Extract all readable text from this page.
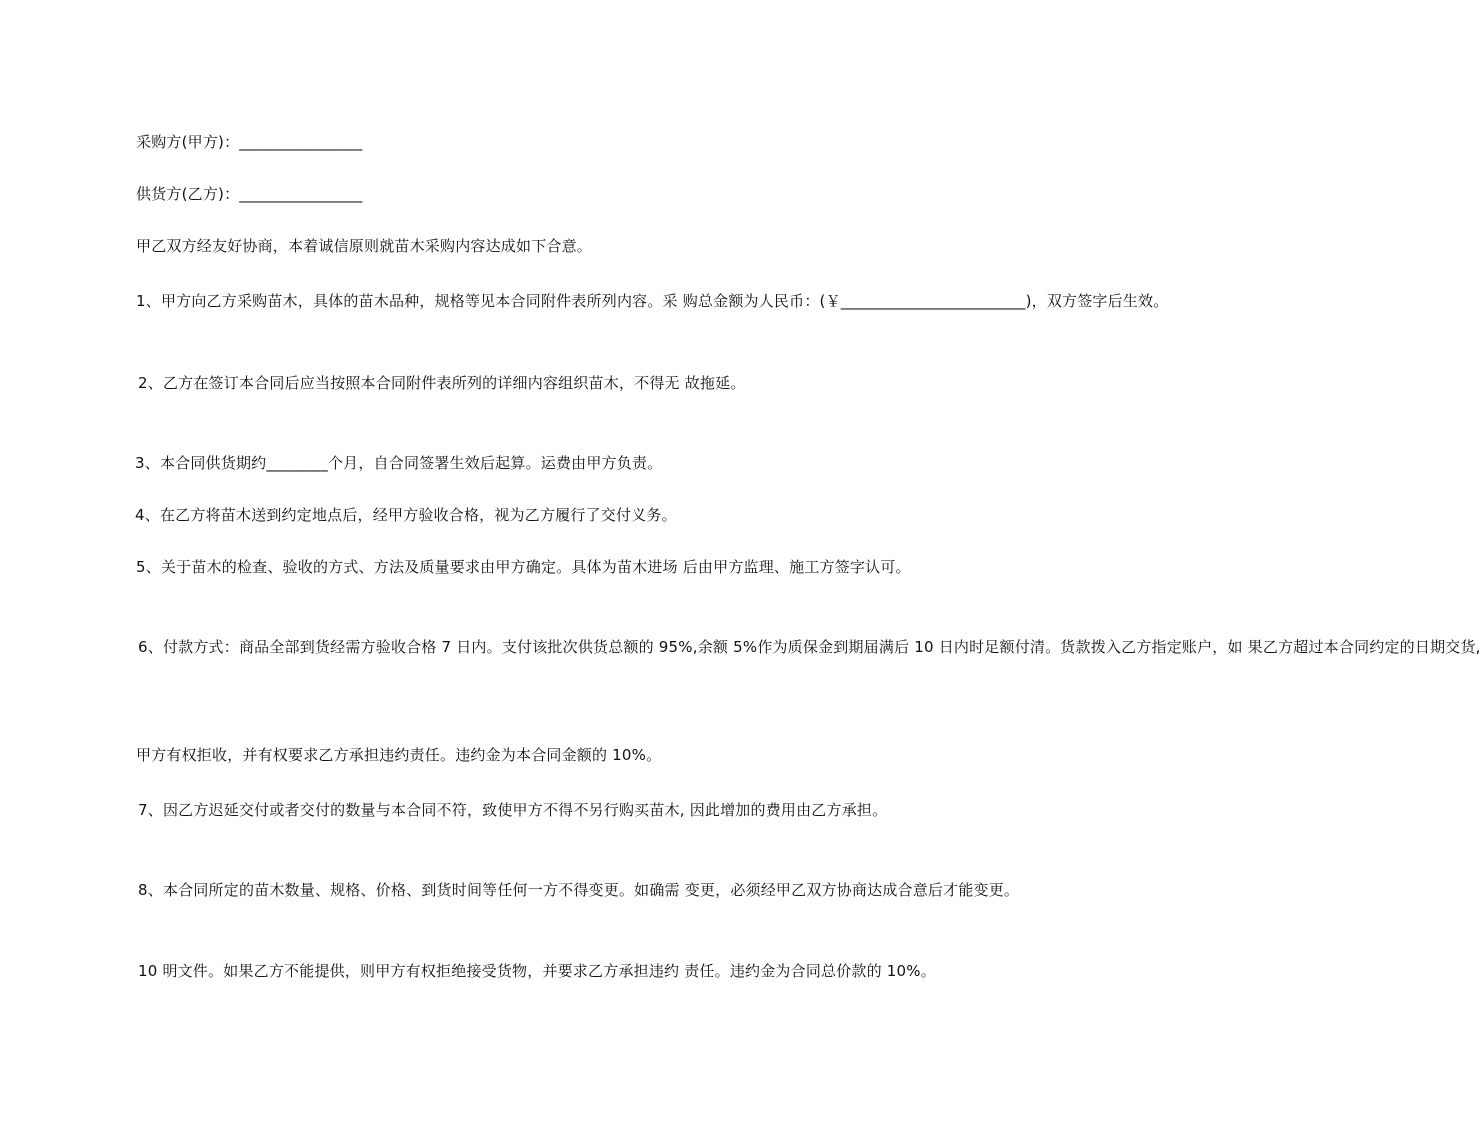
采购方(甲方)：________________

供货方(乙方)：________________

甲乙双方经友好协商，本着诚信原则就苗木采购内容达成如下合意。

1、甲方向乙方采购苗木，具体的苗木品种，规格等见本合同附件表所列内容。采 购总金额为人民币：(￥________________________)，双方签字后生效。

2、乙方在签订本合同后应当按照本合同附件表所列的详细内容组织苗木，不得无 故拖延。

3、本合同供货期约________个月，自合同签署生效后起算。运费由甲方负责。

4、在乙方将苗木送到约定地点后，经甲方验收合格，视为乙方履行了交付义务。

5、关于苗木的检查、验收的方式、方法及质量要求由甲方确定。具体为苗木进场 后由甲方监理、施工方签字认可。

6、付款方式：商品全部到货经需方验收合格 7 日内。支付该批次供货总额的 95%,余额 5%作为质保金到期届满后 10 日内时足额付清。货款拨入乙方指定账户，如 果乙方超过本合同约定的日期交货,

甲方有权拒收，并有权要求乙方承担违约责任。违约金为本合同金额的 10%。

7、因乙方迟延交付或者交付的数量与本合同不符，致使甲方不得不另行购买苗木, 因此增加的费用由乙方承担。

8、本合同所定的苗木数量、规格、价格、到货时间等任何一方不得变更。如确需 变更，必须经甲乙双方协商达成合意后才能变更。

10 明文件。如果乙方不能提供，则甲方有权拒绝接受货物，并要求乙方承担违约 责任。违约金为合同总价款的 10%。
